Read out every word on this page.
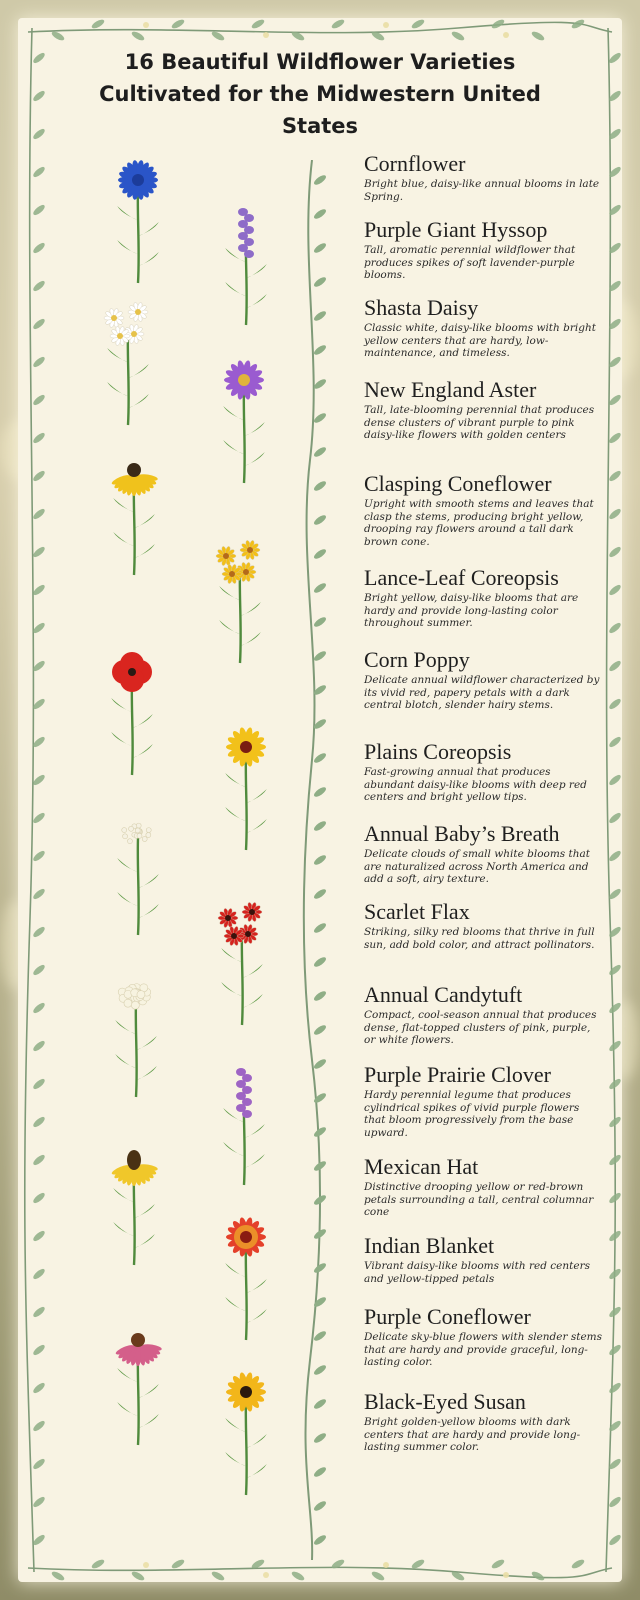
16 Beautiful Wildflower Varieties Cultivated for the Midwestern United States
Cornflower

Bright blue, daisy-like annual blooms in late Spring.

Purple Giant Hyssop

Tall, aromatic perennial wildflower that produces spikes of soft lavender-purple blooms.

Shasta Daisy

Classic white, daisy-like blooms with bright yellow centers that are hardy, low-maintenance, and timeless.

New England Aster

Tall, late-blooming perennial that produces dense clusters of vibrant purple to pink daisy-like flowers with golden centers

Clasping Coneflower

Upright with smooth stems and leaves that clasp the stems, producing bright yellow, drooping ray flowers around a tall dark brown cone.

Lance-Leaf Coreopsis

Bright yellow, daisy-like blooms that are hardy and provide long-lasting color throughout summer.

Corn Poppy

Delicate annual wildflower characterized by its vivid red, papery petals with a dark central blotch, slender hairy stems.

Plains Coreopsis

Fast-growing annual that produces abundant daisy-like blooms with deep red centers and bright yellow tips.

Annual Baby’s Breath

Delicate clouds of small white blooms that are naturalized across North America and add a soft, airy texture.

Scarlet Flax

Striking, silky red blooms that thrive in full sun, add bold color, and attract pollinators.

Annual Candytuft

Compact, cool-season annual that produces dense, flat-topped clusters of pink, purple, or white flowers.

Purple Prairie Clover

Hardy perennial legume that produces cylindrical spikes of vivid purple flowers that bloom progressively from the base upward.

Mexican Hat

Distinctive drooping yellow or red-brown petals surrounding a tall, central columnar cone

Indian Blanket

Vibrant daisy-like blooms with red centers and yellow-tipped petals

Purple Coneflower

Delicate sky-blue flowers with slender stems that are hardy and provide graceful, long-lasting color.

Black-Eyed Susan

Bright golden-yellow blooms with dark centers that are hardy and provide long-lasting summer color.
